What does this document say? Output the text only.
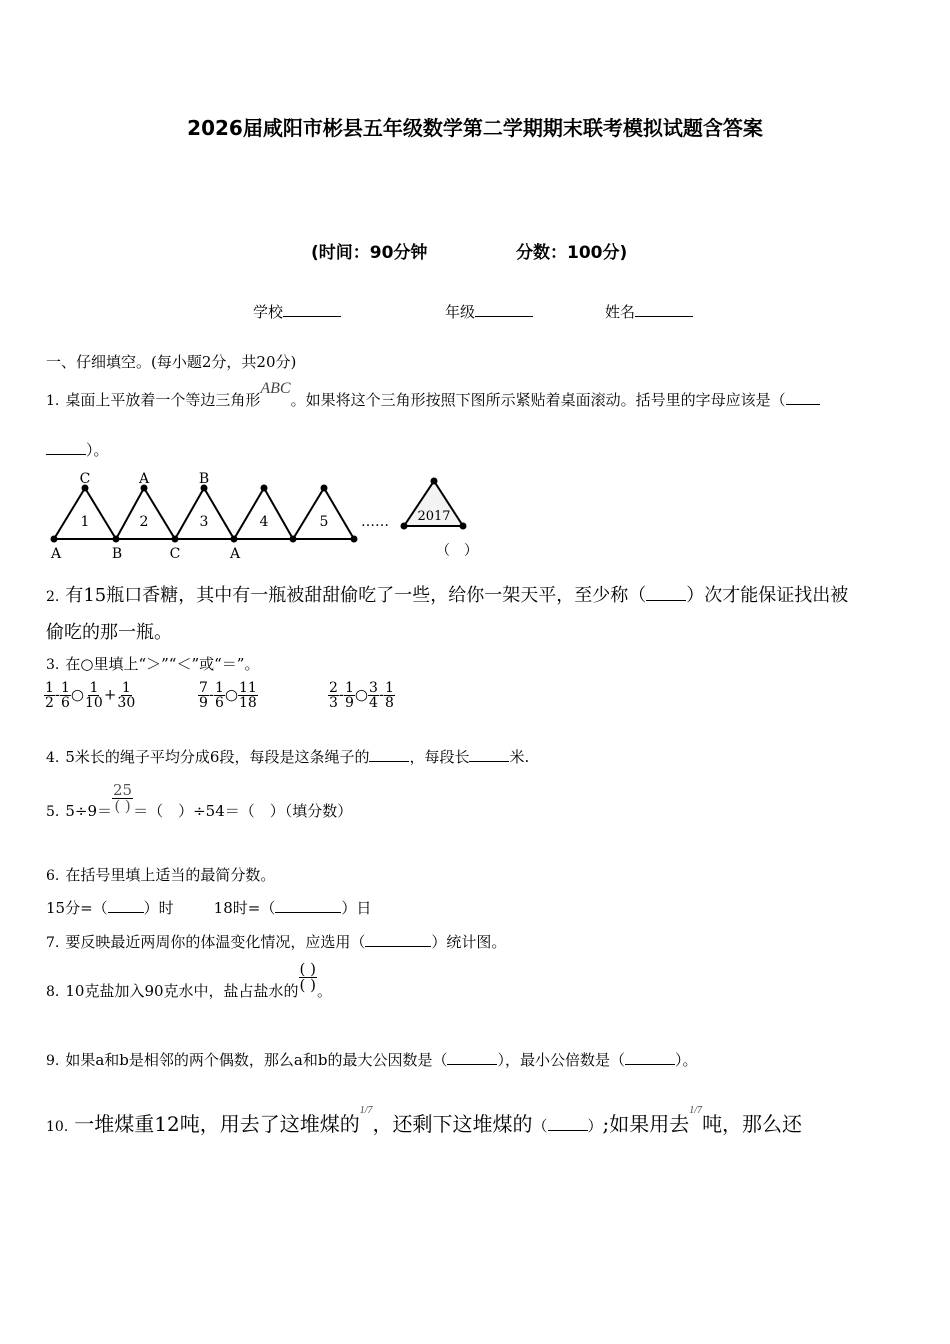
2026届咸阳市彬县五年级数学第二学期期末联考模拟试题含答案
(时间：90分钟	分数：100分)
学校	年级	姓名
一、仔细填空。(每小题2分，共20分)
1. 桌面上平放着一个等边三角形ABC。如果将这个三角形按照下图所示紧贴着桌面滚动。括号里的字母应该是（
）。
C	A	B
1	2	3	4	5
A	B	C	A
…… 2017
（　）
2. 有15瓶口香糖，其中有一瓶被甜甜偷吃了一些，给你一架天平，至少称（ ）次才能保证找出被
偷吃的那一瓶。
3. 在○里填上“＞”“＜”或“＝”。
$\frac{1}{2} - \frac{1}{6}$ ○ $\frac{1}{10} + \frac{1}{30}$	$\frac{7}{9} - \frac{1}{6}$ ○ $\frac{11}{18}$	$\frac{2}{3} - \frac{1}{9}$ ○ $\frac{3}{4} - \frac{1}{8}$
4. 5米长的绳子平均分成6段，每段是这条绳子的	，每段长	米.
5. $5\div 9= \frac{25}{( )}$ ＝（　）÷54＝（　）（填分数）
6. 在括号里填上适当的最简分数。
15分=（ ）时	18时=（	）日
7. 要反映最近两周你的体温变化情况，应选用（	）统计图。
8. 10克盐加入90克水中，盐占盐水的 $\frac{( )}{( )}$ 。
9. 如果a和b是相邻的两个偶数，那么a和b的最大公因数是（	），最小公倍数是（	）。
10. 一堆煤重12吨，用去了这堆煤的$^{1/7}$，还剩下这堆煤的（	）;如果用去$^{1/7}$吨，那么还
